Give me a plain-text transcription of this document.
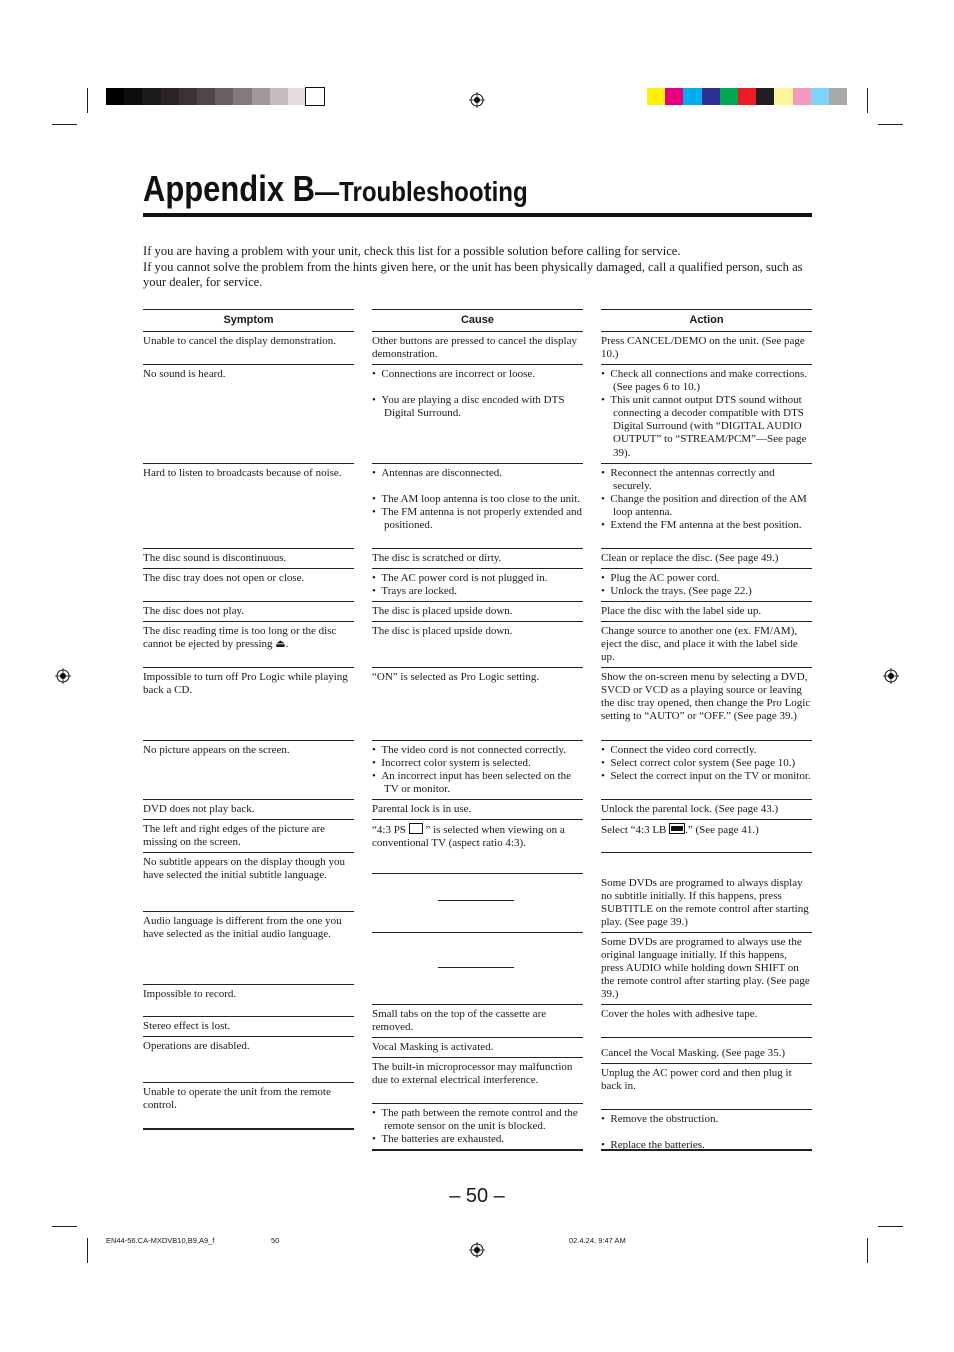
Appendix B—Troubleshooting

If you are having a problem with your unit, check this list for a possible solution before calling for service.

If you cannot solve the problem from the hints given here, or the unit has been physically damaged, call a qualified person, such as your dealer, for service.

Symptom

Unable to cancel the display demonstration.

No sound is heard.

Hard to listen to broadcasts because of noise.

The disc sound is discontinuous.

The disc tray does not open or close.

The disc does not play.

The disc reading time is too long or the disc cannot be ejected by pressing ⏏.

Impossible to turn off Pro Logic while playing back a CD.

No picture appears on the screen.

DVD does not play back.

The left and right edges of the picture are missing on the screen.

No subtitle appears on the display though you have selected the initial subtitle language.

Audio language is different from the one you have selected as the initial audio language.

Impossible to record.

Stereo effect is lost.

Operations are disabled.

Unable to operate the unit from the remote control.

Cause

Other buttons are pressed to cancel the display demonstration.

•  Connections are incorrect or loose.
•  You are playing a disc encoded with DTS Digital Surround.
•  Antennas are disconnected.
•  The AM loop antenna is too close to the unit.
•  The FM antenna is not properly extended and positioned.

The disc is scratched or dirty.

•  The AC power cord is not plugged in.
•  Trays are locked.

The disc is placed upside down.

The disc is placed upside down.

“ON” is selected as Pro Logic setting.

•  The video cord is not connected correctly.
•  Incorrect color system is selected.
•  An incorrect input has been selected on the TV or monitor.

Parental lock is in use.

“4:3 PS  ” is selected when viewing on a conventional TV (aspect ratio 4:3).

Small tabs on the top of the cassette are removed.

Vocal Masking is activated.

The built-in microprocessor may malfunction due to external electrical interference.

•  The path between the remote control and the remote sensor on the unit is blocked.
•  The batteries are exhausted.
Action

Press CANCEL/DEMO on the unit. (See page 10.)

•  Check all connections and make corrections. (See pages 6 to 10.)
•  This unit cannot output DTS sound without connecting a decoder compatible with DTS Digital Surround (with “DIGITAL AUDIO OUTPUT” to “STREAM/PCM”—See page 39).
•  Reconnect the antennas correctly and securely.
•  Change the position and direction of the AM loop antenna.
•  Extend the FM antenna at the best position.

Clean or replace the disc. (See page 49.)

•  Plug the AC power cord.
•  Unlock the trays. (See page 22.)

Place the disc with the label side up.

Change source to another one (ex. FM/AM), eject the disc, and place it with the label side up.

Show the on-screen menu by selecting a DVD, SVCD or VCD as a playing source or leaving the disc tray opened, then change the Pro Logic setting to “AUTO” or “OFF.” (See page 39.)

•  Connect the video cord correctly.
•  Select correct color system (See page 10.)
•  Select the correct input on the TV or monitor.

Unlock the parental lock. (See page 43.)

Select “4:3 LB .” (See page 41.)

Some DVDs are programed to always display no subtitle initially. If this happens, press SUBTITLE on the remote control after starting play. (See page 39.)

Some DVDs are programed to always use the original language initially. If this happens, press AUDIO while holding down SHIFT on the remote control after starting play. (See page 39.)

Cover the holes with adhesive tape.

Cancel the Vocal Masking. (See page 35.)

Unplug the AC power cord and then plug it back in.

•  Remove the obstruction.
•  Replace the batteries.
– 50 –
EN44-56.CA-MXDVB10,B9,A9_f	50	02.4.24, 9:47 AM
